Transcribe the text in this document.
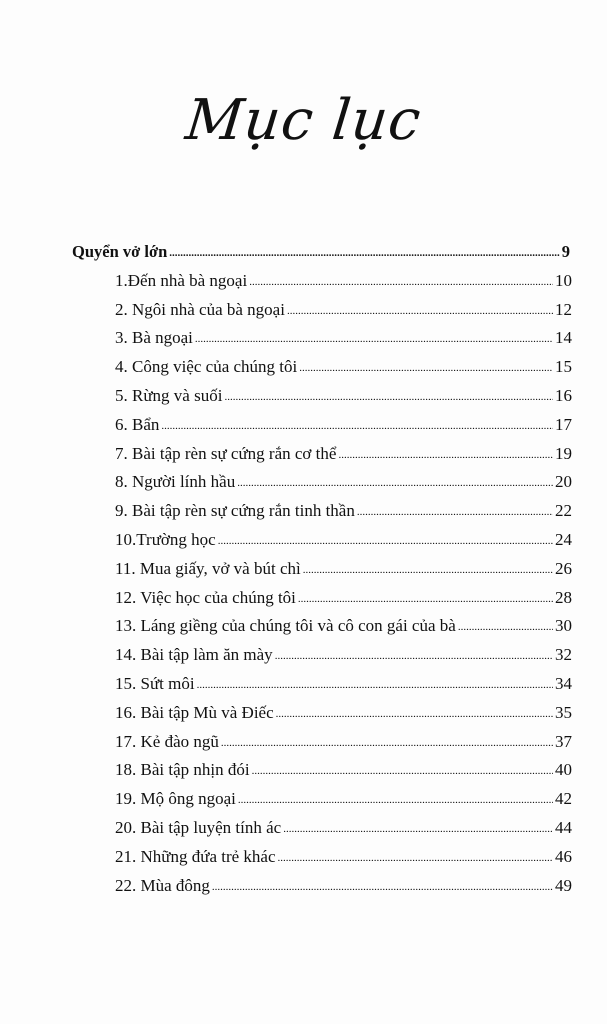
Mục lục
Quyển vở lớn .....	9
1.Đến nhà bà ngoại .....	10
2. Ngôi nhà của bà ngoại .....	12
3. Bà ngoại .....	14
4. Công việc của chúng tôi .....	15
5. Rừng và suối .....	16
6. Bẩn .....	17
7. Bài tập rèn sự cứng rắn cơ thể .....	19
8. Người lính hầu .....	20
9. Bài tập rèn sự cứng rắn tinh thần .....	22
10.Trường học .....	24
11. Mua giấy, vở và bút chì .....	26
12. Việc học của chúng tôi .....	28
13. Láng giềng của chúng tôi và cô con gái của bà .....	30
14. Bài tập làm ăn mày .....	32
15. Sứt môi .....	34
16. Bài tập Mù và Điếc .....	35
17. Kẻ đào ngũ .....	37
18. Bài tập nhịn đói .....	40
19. Mộ ông ngoại .....	42
20. Bài tập luyện tính ác .....	44
21. Những đứa trẻ khác .....	46
22. Mùa đông .....	49
